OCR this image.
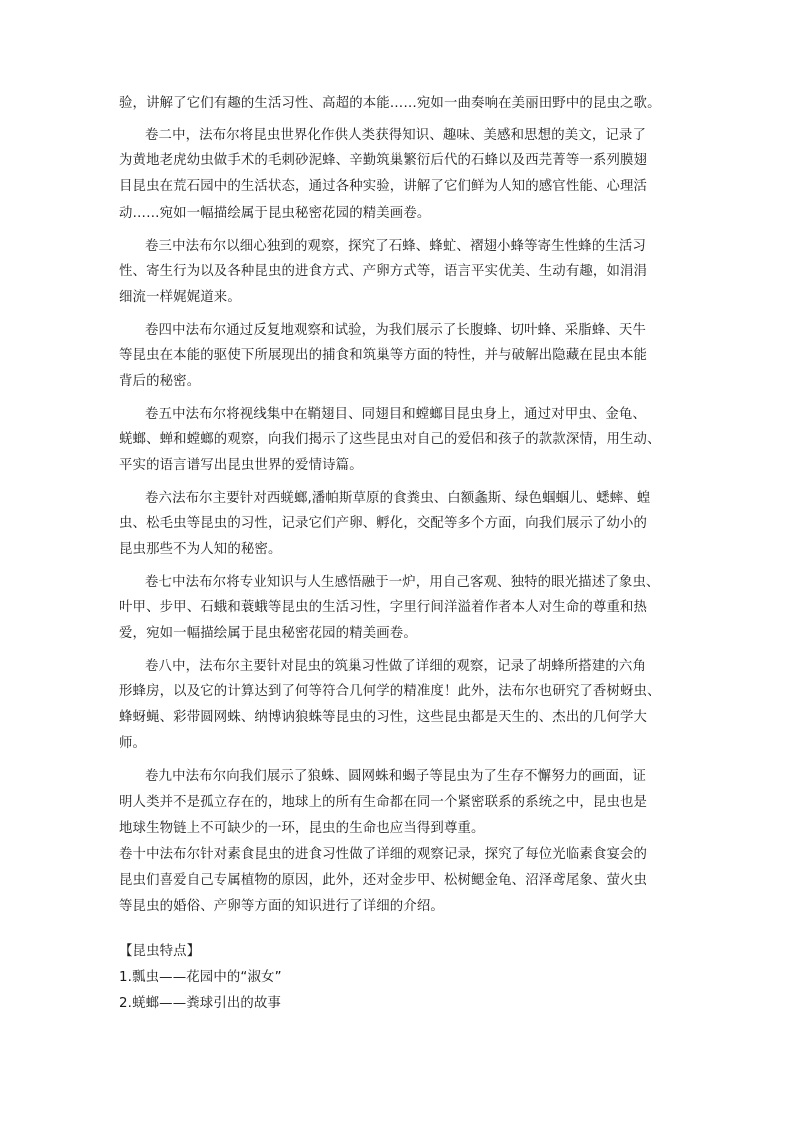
验，讲解了它们有趣的生活习性、高超的本能……宛如一曲奏响在美丽田野中的昆虫之歌。
卷二中，法布尔将昆虫世界化作供人类获得知识、趣味、美感和思想的美文，记录了
为黄地老虎幼虫做手术的毛刺砂泥蜂、辛勤筑巢繁衍后代的石蜂以及西芫菁等一系列膜翅
目昆虫在荒石园中的生活状态，通过各种实验，讲解了它们鲜为人知的感官性能、心理活
动……宛如一幅描绘属于昆虫秘密花园的精美画卷。
卷三中法布尔以细心独到的观察，探究了石蜂、蜂虻、褶翅小蜂等寄生性蜂的生活习
性、寄生行为以及各种昆虫的进食方式、产卵方式等，语言平实优美、生动有趣，如涓涓
细流一样娓娓道来。
卷四中法布尔通过反复地观察和试验，为我们展示了长腹蜂、切叶蜂、采脂蜂、天牛
等昆虫在本能的驱使下所展现出的捕食和筑巢等方面的特性，并与破解出隐藏在昆虫本能
背后的秘密。
卷五中法布尔将视线集中在鞘翅目、同翅目和螳螂目昆虫身上，通过对甲虫、金龟、
蜣螂、蝉和螳螂的观察，向我们揭示了这些昆虫对自己的爱侣和孩子的款款深情，用生动、
平实的语言谱写出昆虫世界的爱情诗篇。
卷六法布尔主要针对西蜣螂,潘帕斯草原的食粪虫、白额螽斯、绿色蝈蝈儿、蟋蟀、蝗
虫、松毛虫等昆虫的习性，记录它们产卵、孵化，交配等多个方面，向我们展示了幼小的
昆虫那些不为人知的秘密。
卷七中法布尔将专业知识与人生感悟融于一炉，用自己客观、独特的眼光描述了象虫、
叶甲、步甲、石蛾和蓑蛾等昆虫的生活习性，字里行间洋溢着作者本人对生命的尊重和热
爱，宛如一幅描绘属于昆虫秘密花园的精美画卷。
卷八中，法布尔主要针对昆虫的筑巢习性做了详细的观察，记录了胡蜂所搭建的六角
形蜂房，以及它的计算达到了何等符合几何学的精准度！此外，法布尔也研究了香树蚜虫、
蜂蚜蝇、彩带圆网蛛、纳博讷狼蛛等昆虫的习性，这些昆虫都是天生的、杰出的几何学大
师。
卷九中法布尔向我们展示了狼蛛、圆网蛛和蝎子等昆虫为了生存不懈努力的画面，证
明人类并不是孤立存在的，地球上的所有生命都在同一个紧密联系的系统之中，昆虫也是
地球生物链上不可缺少的一环，昆虫的生命也应当得到尊重。
卷十中法布尔针对素食昆虫的进食习性做了详细的观察记录，探究了每位光临素食宴会的
昆虫们喜爱自己专属植物的原因，此外，还对金步甲、松树鳃金龟、沼泽鸢尾象、萤火虫
等昆虫的婚俗、产卵等方面的知识进行了详细的介绍。
【昆虫特点】
1.瓢虫——花园中的“淑女”
2.蜣螂——粪球引出的故事
